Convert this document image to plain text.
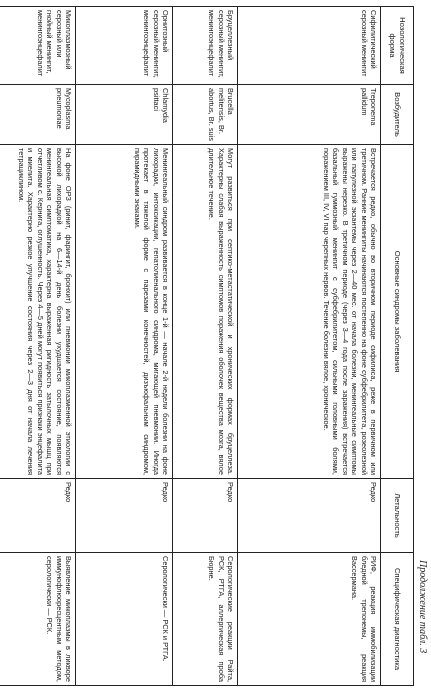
Продолжение табл. 3
Нозологическая форма	Возбудитель	Основные синдромы заболевания	Летальность	Специфическая диагностика
Сифилитический серозный менингит	Treponema pallidum	Встречается редко, обычно во вторичном периоде сифилиса, реже в первичном или третичном. Ранние менингиты начинаются постепенно на фоне субфебрилитета, розеолезной или папулезной экзантемы через 2—40 мес. от начала болезни, менингеальные симптомы выражены нерезко. В третичном периоде (через 3—4 года после заражения) встречается базальный гуммозный менингит с субфебрилитетом, сильными головными болями, поражением III, IV, VI пар черепных нервов. Течение болезни вялое, хроническое.	Редко	РИФ, реакция иммобилизации бледной трепонемы, реакция Вассермана.
Бруцеллезный серозный менингит, менингоэнцефалит	Brucella melitensis, Br. abortus, Br. suis	Могут развиться при септико-метастатической и хронических формах бруцеллеза. Характерны слабая выраженность симптомов поражения оболочек вещества мозга, вялое длительное течение.	Редко	Серологические реакции Райта, РСК, РТГА, аллергическая проба Бюрне.
Орнитозный серозный менингит, менингоэнцефалит	Chlamydia psittaci	Менингеальный синдром развивается в конце 1-й — начале 2-й недели болезни на фоне лихорадки, интоксикации, гепатолиенального синдрома, мигающей пневмонии. Иногда протекает в тяжелой форме с парезами конечностей, дизъюфальным синдромом, пирамидными знаками.	Редко	Серологически — РСК и РТГА.
Микоплазмозный серозный или гнойный менингит, менингоэнцефалит	Mycoplasma pneumoniae	На фоне ОРЗ (ринит, фарингит, бронхит) или пневмонии микоплазменной этиологии с высокой лихорадкой на 6—14-й день болезни ухудшается состояние, появляются менингеальная симптоматика, характерна выраженная ригидность затылочных мышц при отчетливом с. Кернига, оглушенность. Через 4—5 дней могут появиться признаки энцефалита и миелита. Характерно резкое улучшение состояния через 2—3 дня от начала лечения тетрациклином.	Редко	Выявление микоплазмы в ликворе иммунофлюоресцентным методом, серологически — РСК.
